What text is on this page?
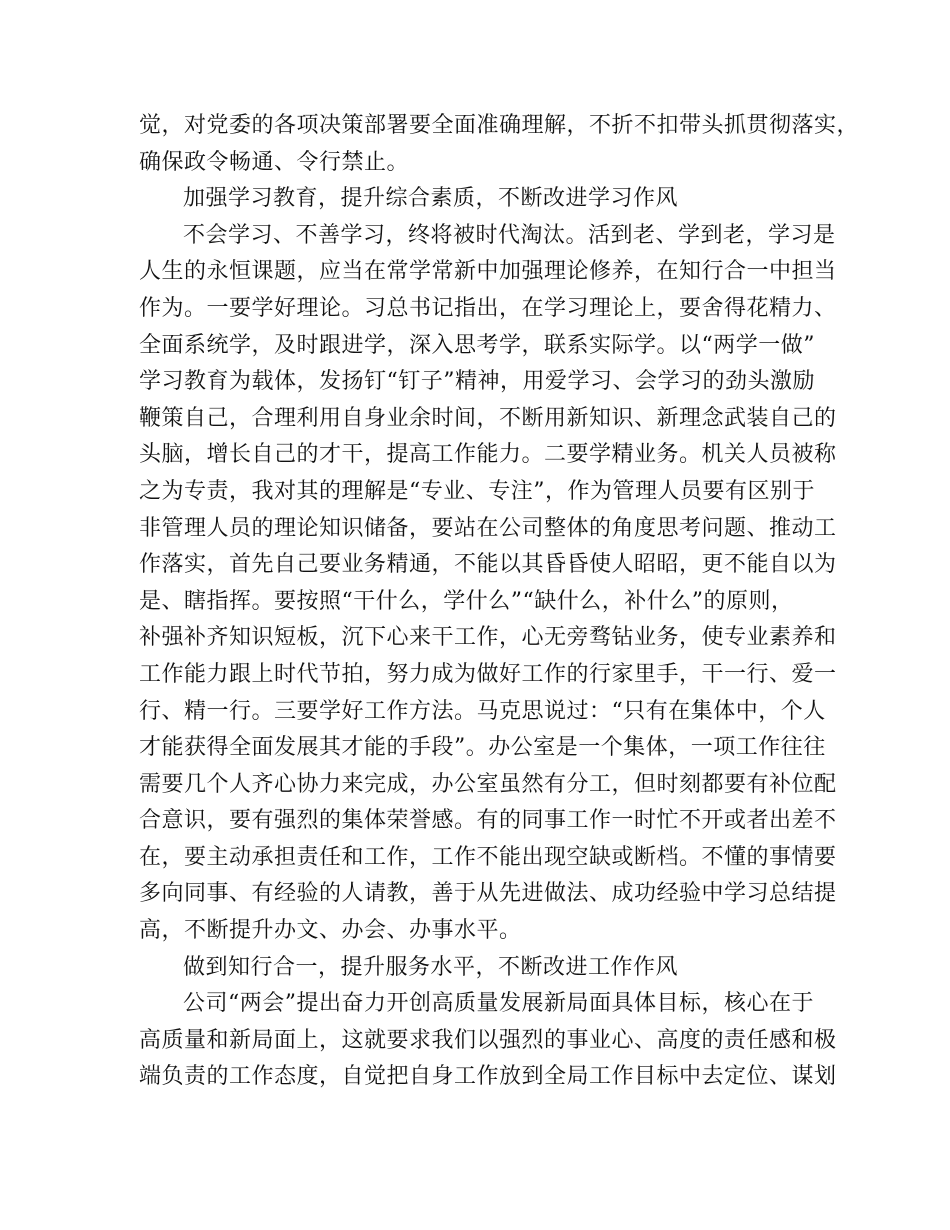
觉，对党委的各项决策部署要全面准确理解，不折不扣带头抓贯彻落实，
确保政令畅通、令行禁止。
加强学习教育，提升综合素质，不断改进学习作风
不会学习、不善学习，终将被时代淘汰。活到老、学到老，学习是
人生的永恒课题，应当在常学常新中加强理论修养，在知行合一中担当
作为。一要学好理论。习总书记指出，在学习理论上，要舍得花精力、
全面系统学，及时跟进学，深入思考学，联系实际学。以“两学一做”
学习教育为载体，发扬钉“钉子”精神，用爱学习、会学习的劲头激励
鞭策自己，合理利用自身业余时间，不断用新知识、新理念武装自己的
头脑，增长自己的才干，提高工作能力。二要学精业务。机关人员被称
之为专责，我对其的理解是“专业、专注”，作为管理人员要有区别于
非管理人员的理论知识储备，要站在公司整体的角度思考问题、推动工
作落实，首先自己要业务精通，不能以其昏昏使人昭昭，更不能自以为
是、瞎指挥。要按照“干什么，学什么”“缺什么，补什么”的原则，
补强补齐知识短板，沉下心来干工作，心无旁骛钻业务，使专业素养和
工作能力跟上时代节拍，努力成为做好工作的行家里手，干一行、爱一
行、精一行。三要学好工作方法。马克思说过：“只有在集体中，个人
才能获得全面发展其才能的手段”。办公室是一个集体，一项工作往往
需要几个人齐心协力来完成，办公室虽然有分工，但时刻都要有补位配
合意识，要有强烈的集体荣誉感。有的同事工作一时忙不开或者出差不
在，要主动承担责任和工作，工作不能出现空缺或断档。不懂的事情要
多向同事、有经验的人请教，善于从先进做法、成功经验中学习总结提
高，不断提升办文、办会、办事水平。
做到知行合一，提升服务水平，不断改进工作作风
公司“两会”提出奋力开创高质量发展新局面具体目标，核心在于
高质量和新局面上，这就要求我们以强烈的事业心、高度的责任感和极
端负责的工作态度，自觉把自身工作放到全局工作目标中去定位、谋划
